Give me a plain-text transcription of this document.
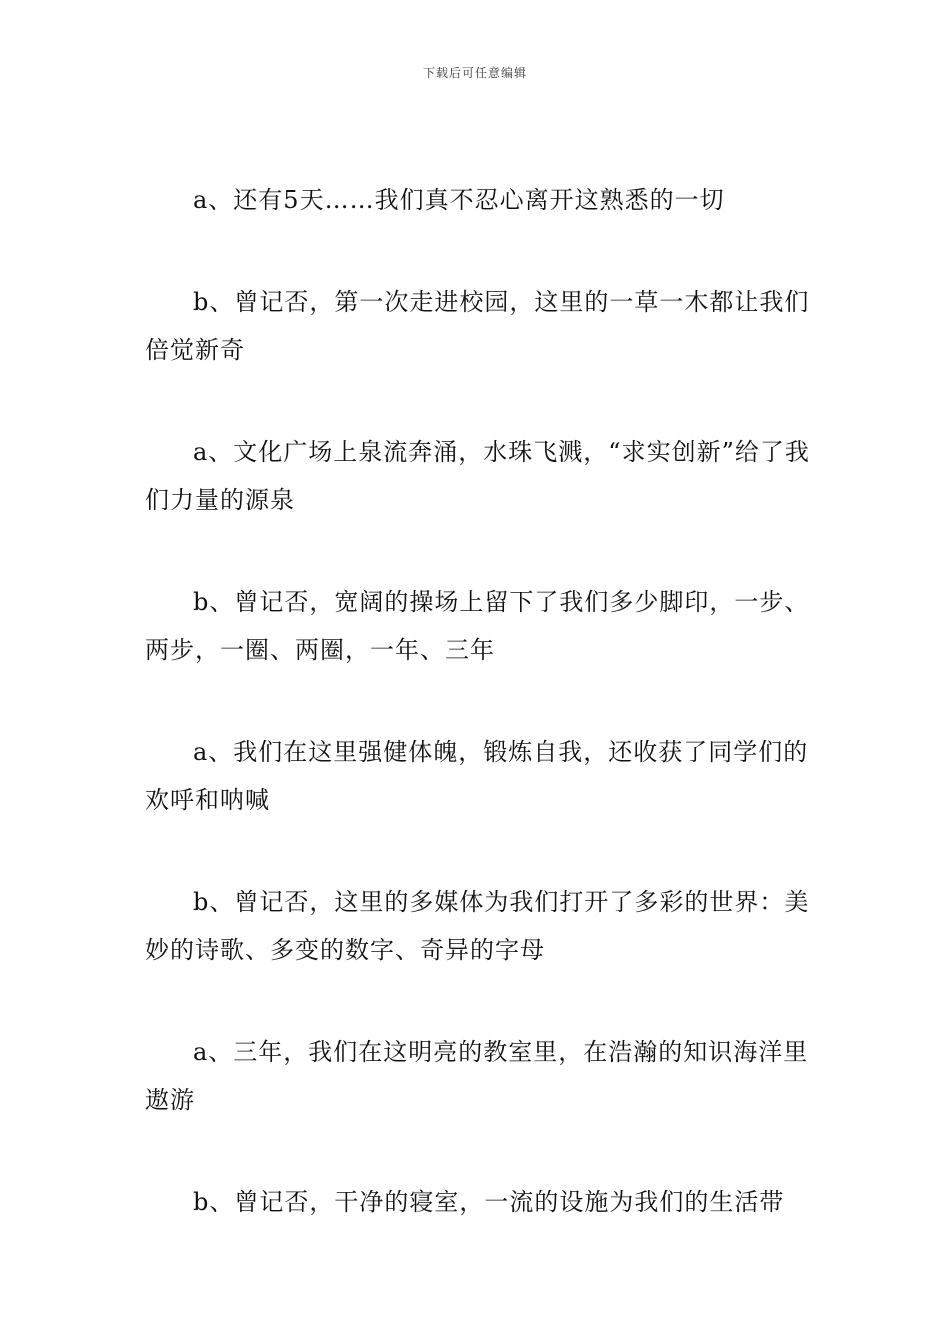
下载后可任意编辑

a、还有5天……我们真不忍心离开这熟悉的一切

b、曾记否，第一次走进校园，这里的一草一木都让我们倍觉新奇

a、文化广场上泉流奔涌，水珠飞溅，“求实创新”给了我们力量的源泉

b、曾记否，宽阔的操场上留下了我们多少脚印，一步、两步，一圈、两圈，一年、三年

a、我们在这里强健体魄，锻炼自我，还收获了同学们的欢呼和呐喊

b、曾记否，这里的多媒体为我们打开了多彩的世界：美妙的诗歌、多变的数字、奇异的字母

a、三年，我们在这明亮的教室里，在浩瀚的知识海洋里遨游

b、曾记否，干净的寝室，一流的设施为我们的生活带
